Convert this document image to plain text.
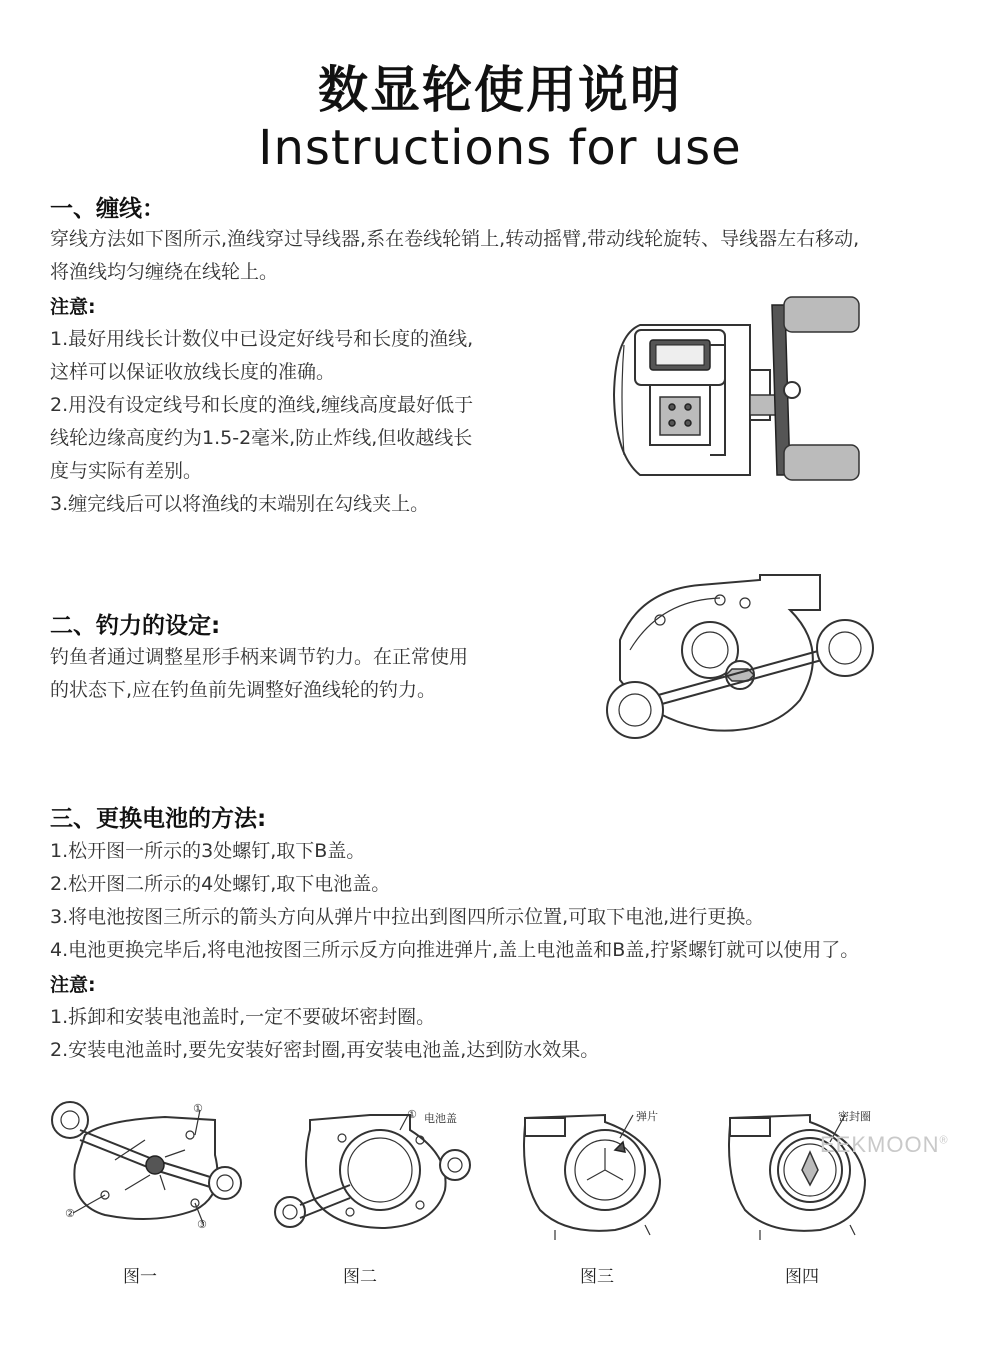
数显轮使用说明
Instructions for use
一、缠线：
穿线方法如下图所示,渔线穿过导线器,系在卷线轮销上,转动摇臂,带动线轮旋转、导线器左右移动,
将渔线均匀缠绕在线轮上。
注意:
1.最好用线长计数仪中已设定好线号和长度的渔线,
这样可以保证收放线长度的准确。
2.用没有设定线号和长度的渔线,缠线高度最好低于
线轮边缘高度约为1.5-2毫米,防止炸线,但收越线长
度与实际有差别。
3.缠完线后可以将渔线的末端别在勾线夹上。
二、钓力的设定:
钓鱼者通过调整星形手柄来调节钓力。在正常使用
的状态下,应在钓鱼前先调整好渔线轮的钓力。
三、更换电池的方法:
1.松开图一所示的3处螺钉,取下B盖。
2.松开图二所示的4处螺钉,取下电池盖。
3.将电池按图三所示的箭头方向从弹片中拉出到图四所示位置,可取下电池,进行更换。
4.电池更换完毕后,将电池按图三所示反方向推进弹片,盖上电池盖和B盖,拧紧螺钉就可以使用了。
注意:
1.拆卸和安装电池盖时,一定不要破坏密封圈。
2.安装电池盖时,要先安装好密封圈,再安装电池盖,达到防水效果。
①
②
③
① 电池盖	弹片	密封圈
EEKMOON®
图一	图二	图三	图四
